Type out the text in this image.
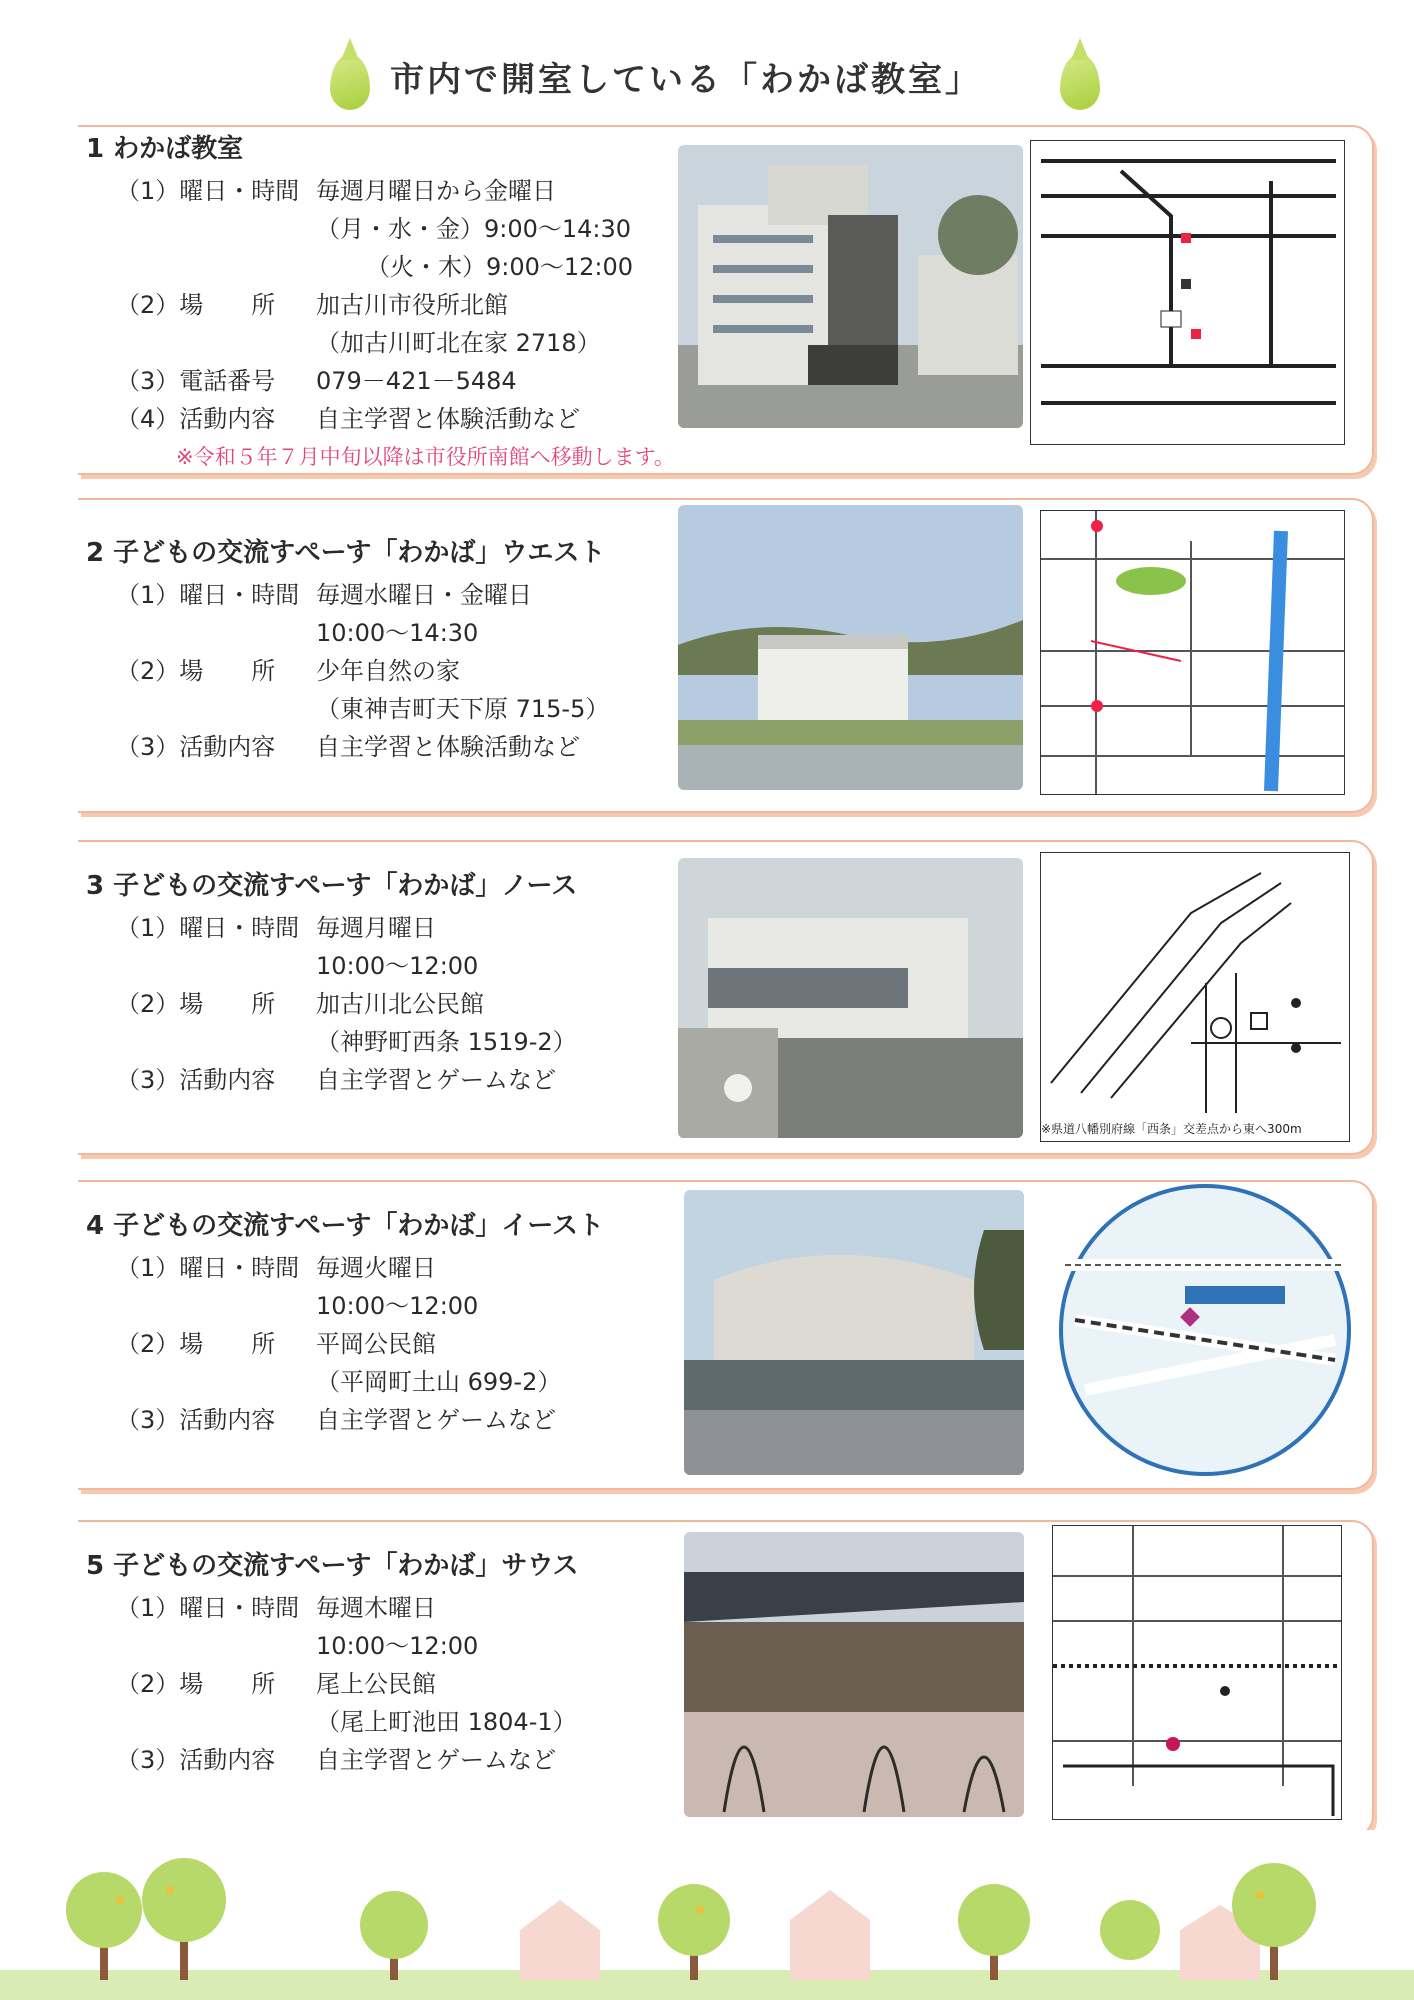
市内で開室している「わかば教室」
1 わかば教室
（1）曜日・時間 毎週月曜日から金曜日
（月・水・金）9:00～14:30
（火・木）9:00～12:00
（2）場　　所	加古川市役所北館
（加古川町北在家 2718）
（3）電話番号	079－421－5484
（4）活動内容	自主学習と体験活動など
※令和５年７月中旬以降は市役所南館へ移動します。
2 子どもの交流すぺーす「わかば」ウエスト
（1）曜日・時間 毎週水曜日・金曜日
10:00～14:30
（2）場　　所	少年自然の家
（東神吉町天下原 715-5）
（3）活動内容	自主学習と体験活動など
3 子どもの交流すぺーす「わかば」ノース
（1）曜日・時間 毎週月曜日
10:00～12:00
（2）場　　所	加古川北公民館
（神野町西条 1519-2）
（3）活動内容	自主学習とゲームなど
※県道八幡別府線「西条」交差点から東へ300m
4 子どもの交流すぺーす「わかば」イースト
（1）曜日・時間 毎週火曜日
10:00～12:00
（2）場　　所	平岡公民館
（平岡町土山 699-2）
（3）活動内容	自主学習とゲームなど
5 子どもの交流すぺーす「わかば」サウス
（1）曜日・時間 毎週木曜日
10:00～12:00
（2）場　　所	尾上公民館
（尾上町池田 1804-1）
（3）活動内容	自主学習とゲームなど
